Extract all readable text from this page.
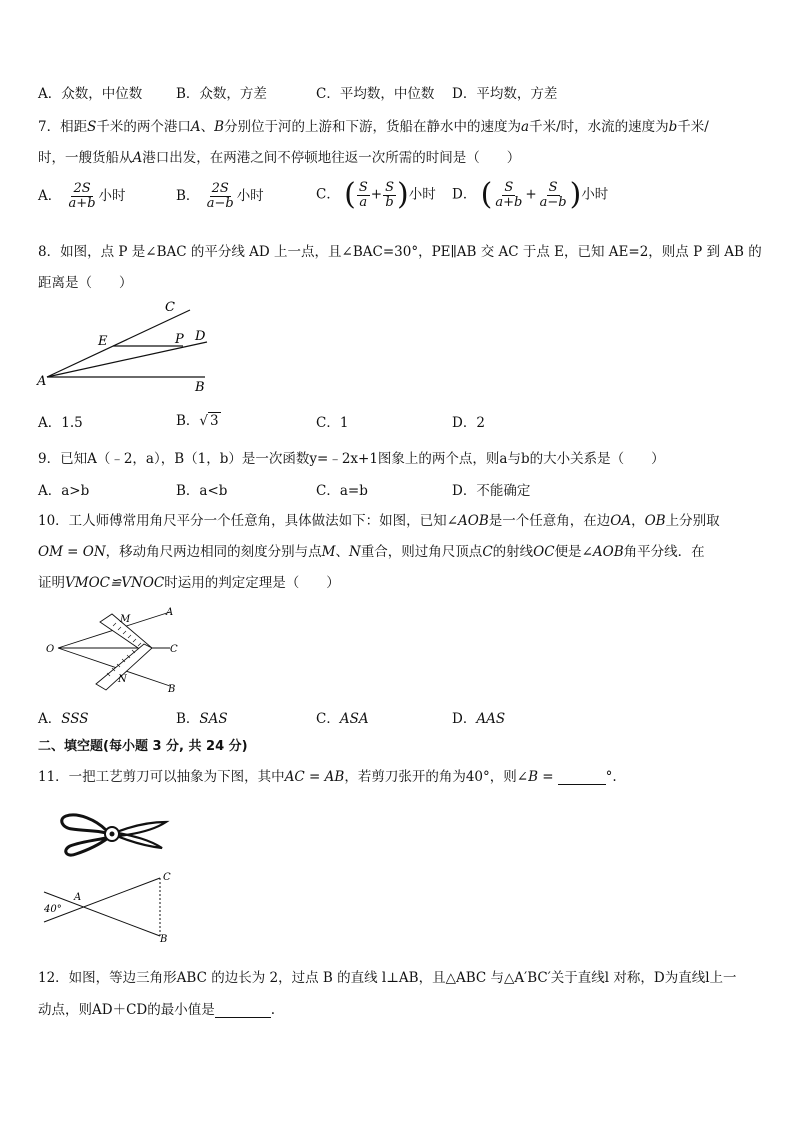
A．众数，中位数	B．众数，方差	C．平均数，中位数 D．平均数，方差
7．相距S千米的两个港口A、B分别位于河的上游和下游，货船在静水中的速度为a千米/时，水流的速度为b千米/
时，一艘货船从A港口出发，在两港之间不停顿地往返一次所需的时间是（　　）
A． $\frac{2S}{a+b}$ 小时	B． $\frac{2S}{a-b}$ 小时	C． ( $\frac{S}{a} + \frac{S}{b}$ )小时 D． ( $\frac{S}{a+b} + \frac{S}{a-b}$ )小时
8．如图，点 P 是∠BAC 的平分线 AD 上一点，且∠BAC=30°，PE∥AB 交 AC 于点 E，已知 AE=2，则点 P 到 AB 的
距离是（　　）
C
E	P D
A	B
A．1.5	B．√ 3	C．1	D．2
9．已知A（﹣2，a），B（1，b）是一次函数y=﹣2x+1图象上的两个点，则a与b的大小关系是（　　）
A．a>b	B．a<b	C．a=b	D．不能确定
10．工人师傅常用角尺平分一个任意角，具体做法如下：如图，已知∠AOB是一个任意角，在边OA，OB上分别取
OM = ON，移动角尺两边相同的刻度分别与点M、N重合，则过角尺顶点C的射线OC便是∠AOB角平分线．在
证明VMOC≌VNOC时运用的判定定理是（　　）
M
A
O	C
N
B
A．SSS	B．SAS	C．ASA	D．AAS
二、填空题(每小题 3 分, 共 24 分)
11．一把工艺剪刀可以抽象为下图，其中AC = AB，若剪刀张开的角为40°，则∠B =	°.
C
A
B
40°
12．如图，等边三角形ABC 的边长为 2，过点 B 的直线 l⊥AB，且△ABC 与△A′BC′关于直线l 对称，D为直线l上一
动点，则AD＋CD的最小值是	.
